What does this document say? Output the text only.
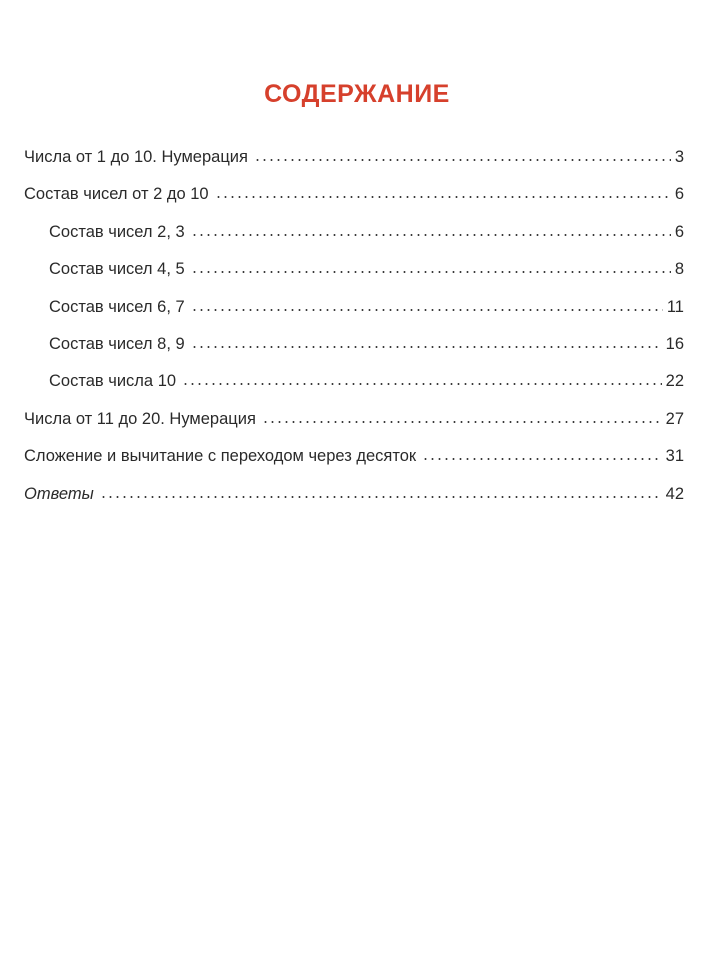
СОДЕРЖАНИЕ
Числа от 1 до 10. Нумерация	3
Состав чисел от 2 до 10	6
Состав чисел 2, 3	6
Состав чисел 4, 5	8
Состав чисел 6, 7	11
Состав чисел 8, 9	16
Состав числа 10	22
Числа от 11 до 20. Нумерация	27
Сложение и вычитание с переходом через десяток	31
Ответы	42
